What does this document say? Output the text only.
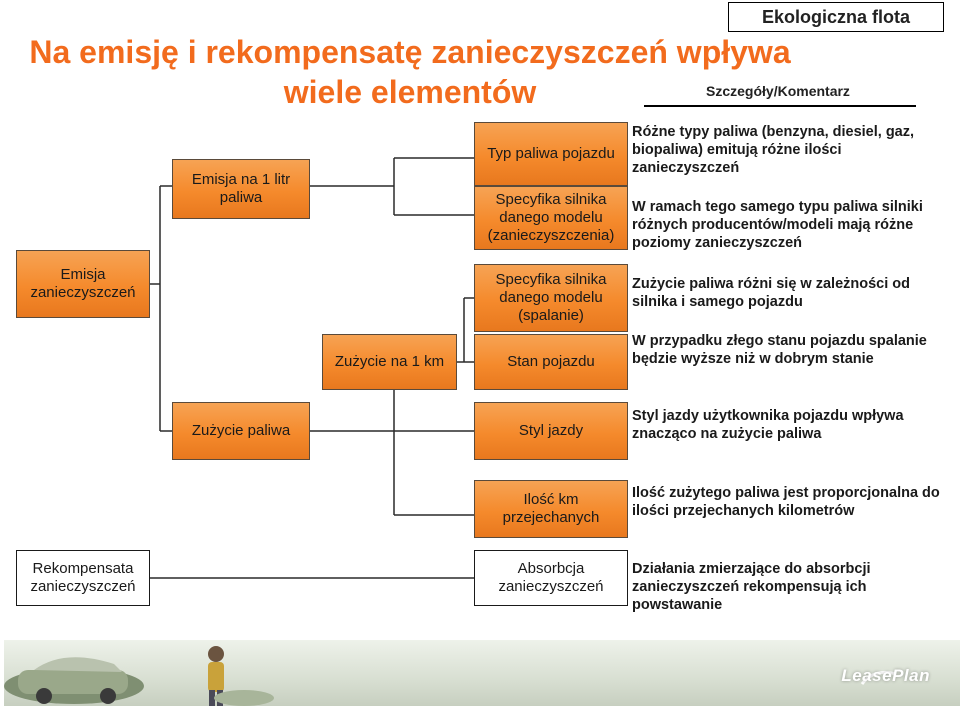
Ekologiczna flota
Na emisję i rekompensatę zanieczyszczeń wpływa wiele elementów	Szczegóły/Komentarz
Emisja zanieczyszczeń
Rekompensata zanieczyszczeń
Emisja na 1 litr paliwa
Zużycie paliwa
Zużycie na 1 km
Typ paliwa pojazdu
Specyfika silnika danego modelu (zanieczyszczenia)
Specyfika silnika danego modelu (spalanie)
Stan pojazdu
Styl jazdy
Ilość km przejechanych
Absorbcja zanieczyszczeń
Różne typy paliwa (benzyna, diesiel, gaz, biopaliwa) emitują różne ilości zanieczyszczeń
W ramach tego samego typu paliwa silniki różnych producentów/modeli mają różne poziomy zanieczyszczeń
Zużycie paliwa różni się w zależności od silnika i samego pojazdu
W przypadku złego stanu pojazdu spalanie będzie wyższe niż w dobrym stanie
Styl jazdy użytkownika pojazdu wpływa znacząco na zużycie paliwa
Ilość zużytego paliwa jest proporcjonalna do ilości przejechanych kilometrów
Działania zmierzające do absorbcji zanieczyszczeń rekompensują ich powstawanie
LeasePlan
